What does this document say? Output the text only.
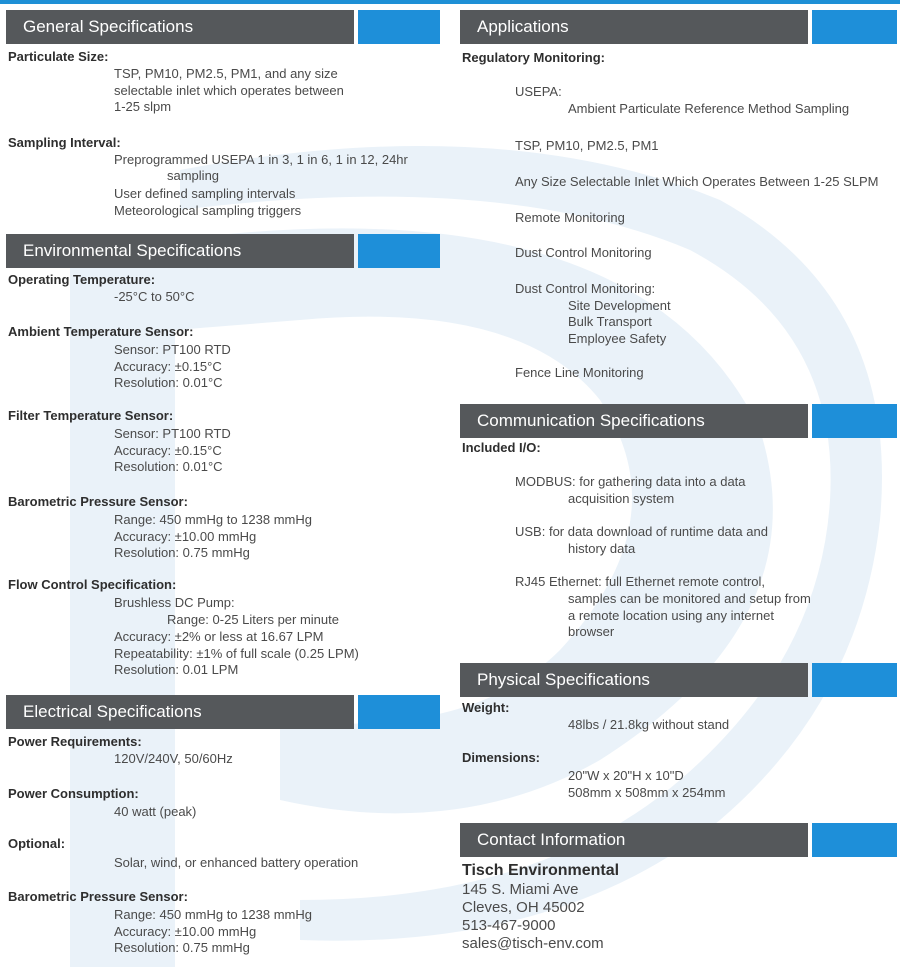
General Specifications
Particulate Size:
TSP, PM10, PM2.5, PM1, and any size
selectable inlet which operates between
1-25 slpm
Sampling Interval:
Preprogrammed USEPA 1 in 3, 1 in 6, 1 in 12, 24hr
sampling
User defined sampling intervals
Meteorological sampling triggers
Environmental Specifications
Operating Temperature:
-25°C to 50°C
Ambient Temperature Sensor:
Sensor: PT100 RTD
Accuracy: ±0.15°C
Resolution: 0.01°C
Filter Temperature Sensor:
Sensor: PT100 RTD
Accuracy: ±0.15°C
Resolution: 0.01°C
Barometric Pressure Sensor:
Range: 450 mmHg to 1238 mmHg
Accuracy: ±10.00 mmHg
Resolution: 0.75 mmHg
Flow Control Specification:
Brushless DC Pump:
Range: 0-25 Liters per minute
Accuracy: ±2% or less at 16.67 LPM
Repeatability: ±1% of full scale (0.25 LPM)
Resolution: 0.01 LPM
Electrical Specifications
Power Requirements:
120V/240V, 50/60Hz
Power Consumption:
40 watt (peak)
Optional:
Solar, wind, or enhanced battery operation
Barometric Pressure Sensor:
Range: 450 mmHg to 1238 mmHg
Accuracy: ±10.00 mmHg
Resolution: 0.75 mmHg
Applications
Regulatory Monitoring:
USEPA:
Ambient Particulate Reference Method Sampling
TSP, PM10, PM2.5, PM1
Any Size Selectable Inlet Which Operates Between 1-25 SLPM
Remote Monitoring
Dust Control Monitoring
Dust Control Monitoring:
Site Development
Bulk Transport
Employee Safety
Fence Line Monitoring
Communication Specifications
Included I/O:
MODBUS: for gathering data into a data
acquisition system
USB: for data download of runtime data and
history data
RJ45 Ethernet: full Ethernet remote control,
samples can be monitored and setup from
a remote location using any internet
browser
Physical Specifications
Weight:
48lbs / 21.8kg without stand
Dimensions:
20"W x 20"H x 10"D
508mm x 508mm x 254mm
Contact Information
Tisch Environmental
145 S. Miami Ave
Cleves, OH 45002
513-467-9000
sales@tisch-env.com
